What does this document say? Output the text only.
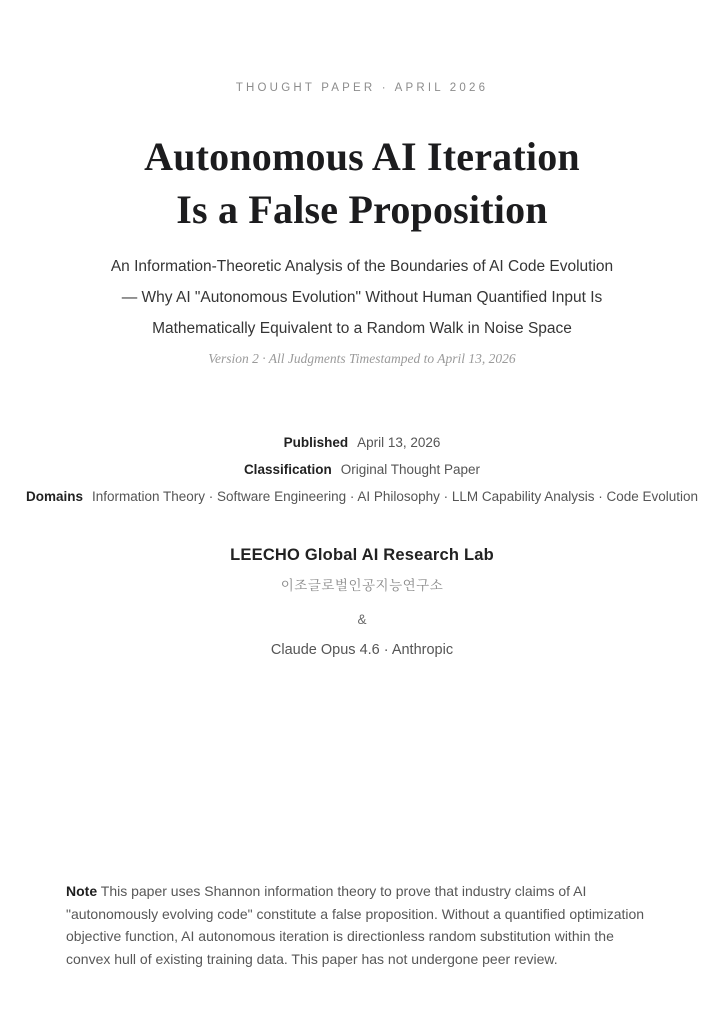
THOUGHT PAPER · APRIL 2026
Autonomous AI Iteration
Is a False Proposition
An Information-Theoretic Analysis of the Boundaries of AI Code Evolution
— Why AI "Autonomous Evolution" Without Human Quantified Input Is
Mathematically Equivalent to a Random Walk in Noise Space
Version 2 · All Judgments Timestamped to April 13, 2026
Published April 13, 2026
Classification Original Thought Paper
Domains Information Theory · Software Engineering · AI Philosophy · LLM Capability Analysis · Code Evolution
LEECHO Global AI Research Lab
이조글로벌인공지능연구소
&
Claude Opus 4.6 · Anthropic

Note This paper uses Shannon information theory to prove that industry claims of AI "autonomously evolving code" constitute a false proposition. Without a quantified optimization objective function, AI autonomous iteration is directionless random substitution within the convex hull of existing training data. This paper has not undergone peer review.
